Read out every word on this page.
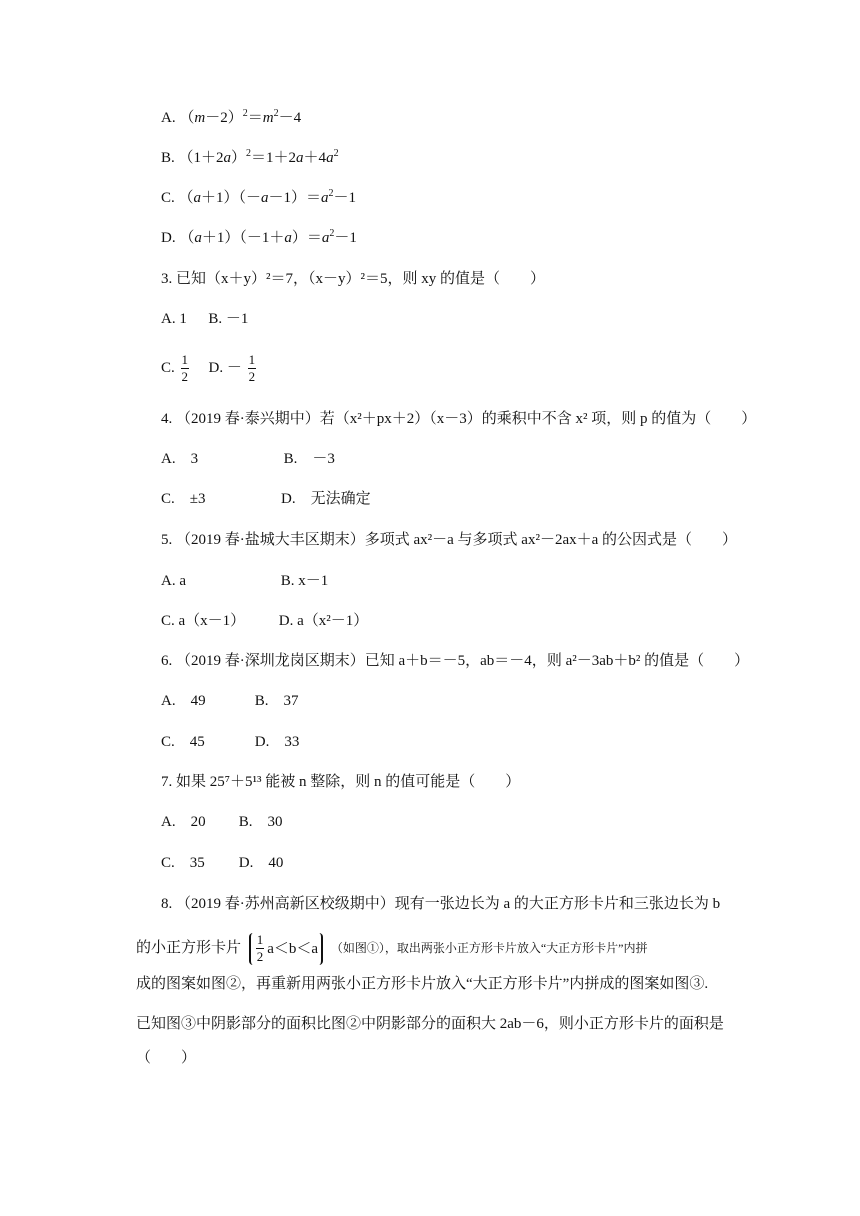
A. $(m-2)^2=m^2-4$
B. $(1+2a)^2=1+2a+4a^2$
C. $(a+1)(-a-1)=a^2-1$
D. $(a+1)(-1+a)=a^2-1$
3. 已知（x＋y）²＝7，（x－y）²＝5，则 xy 的值是（　　）
A. 1 B. －1
C. $\frac{1}{2} D$. － $\frac{1}{2}$
4. （2019 春·泰兴期中）若（x²＋px＋2）（x－3）的乘积中不含 x² 项，则 p 的值为（　　）
A.　3	B.　－3
C.　±3	D.　无法确定
5. （2019 春·盐城大丰区期末）多项式 ax²－a 与多项式 ax²－2ax＋a 的公因式是（　　）
A. a	B. x－1
C. a（x－1） D. a（x²－1）
6. （2019 春·深圳龙岗区期末）已知 a＋b＝－5，ab＝－4，则 a²－3ab＋b² 的值是（　　）
A.　49	B.　37
C.　45	D.　33
7. 如果 25⁷＋5¹³ 能被 n 整除，则 n 的值可能是（　　）
A.　20 B.　30
C.　35 D.　40
8. （2019 春·苏州高新区校级期中）现有一张边长为 a 的大正方形卡片和三张边长为 b
的小正方形卡片 $\frac{1}{2} a<b<a$ （如图①），取出两张小正方形卡片放入“大正方形卡片”内拼
成的图案如图②，再重新用两张小正方形卡片放入“大正方形卡片”内拼成的图案如图③.
已知图③中阴影部分的面积比图②中阴影部分的面积大 2ab－6，则小正方形卡片的面积是
（　　）
